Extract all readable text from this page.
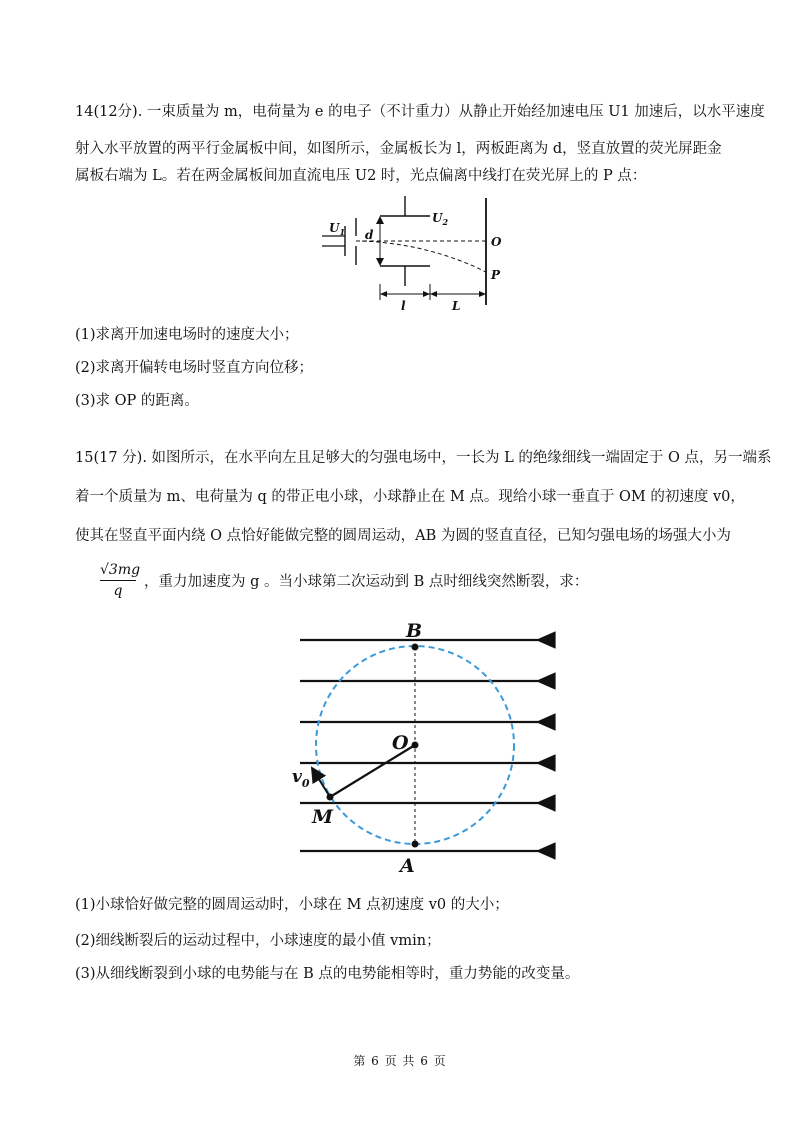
14(12分). 一束质量为 m，电荷量为 e 的电子（不计重力）从静止开始经加速电压 U1 加速后，以水平速度
射入水平放置的两平行金属板中间，如图所示，金属板长为 l，两板距离为 d，竖直放置的荧光屏距金
属板右端为 L。若在两金属板间加直流电压 U2 时，光点偏离中线打在荧光屏上的 P 点：
$U_1$ d
$U_2$
O
P
l	L
(1)求离开加速电场时的速度大小；
(2)求离开偏转电场时竖直方向位移；
(3)求 OP 的距离。
15(17 分). 如图所示，在水平向左且足够大的匀强电场中，一长为 L 的绝缘细线一端固定于 O 点，另一端系
着一个质量为 m、电荷量为 q 的带正电小球，小球静止在 M 点。现给小球一垂直于 OM 的初速度 v0，
使其在竖直平面内绕 O 点恰好能做完整的圆周运动，AB 为圆的竖直直径，已知匀强电场的场强大小为
$\frac{√3mg}{q}$ ，重力加速度为 g 。当小球第二次运动到 B 点时细线突然断裂，求：
B
A
O
M
$v_0$
(1)小球恰好做完整的圆周运动时，小球在 M 点初速度 v0 的大小；
(2)细线断裂后的运动过程中，小球速度的最小值 vmin；
(3)从细线断裂到小球的电势能与在 B 点的电势能相等时，重力势能的改变量。
第 6 页 共 6 页
